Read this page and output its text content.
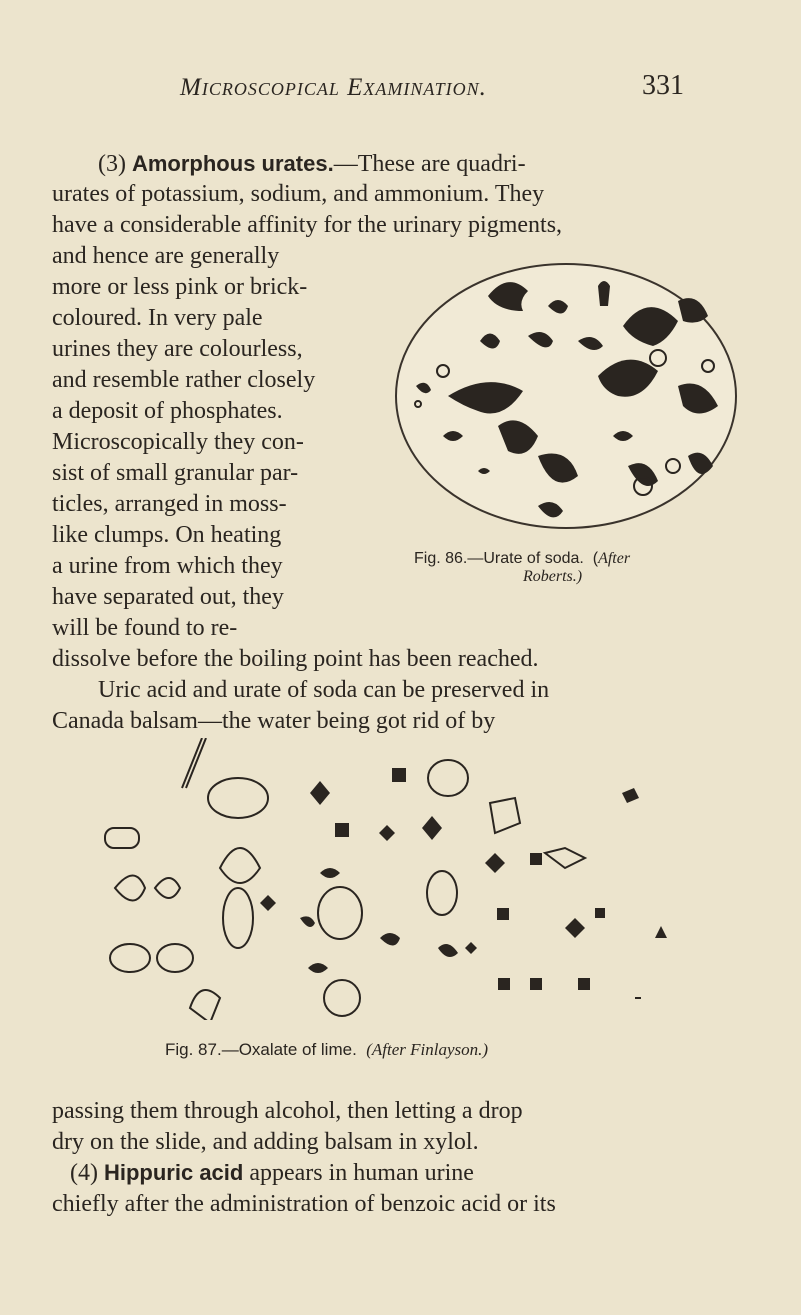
Microscopical Examination.	331
(3) Amorphous urates.—These are quadri-
urates of potassium, sodium, and ammonium. They
have a considerable affinity for the urinary pigments,
and hence are generally
more or less pink or brick-
coloured. In very pale
urines they are colourless,
and resemble rather closely
a deposit of phosphates.
Microscopically they con-
sist of small granular par-
ticles, arranged in moss-
like clumps. On heating
a urine from which they
have separated out, they
will be found to re-
dissolve before the boiling point has been reached.
Uric acid and urate of soda can be preserved in
Canada balsam—the water being got rid of by
Fig. 86.—Urate of soda. (After
Roberts.)
Fig. 87.—Oxalate of lime. (After Finlayson.)
passing them through alcohol, then letting a drop
dry on the slide, and adding balsam in xylol.
(4) Hippuric acid appears in human urine
chiefly after the administration of benzoic acid or its
